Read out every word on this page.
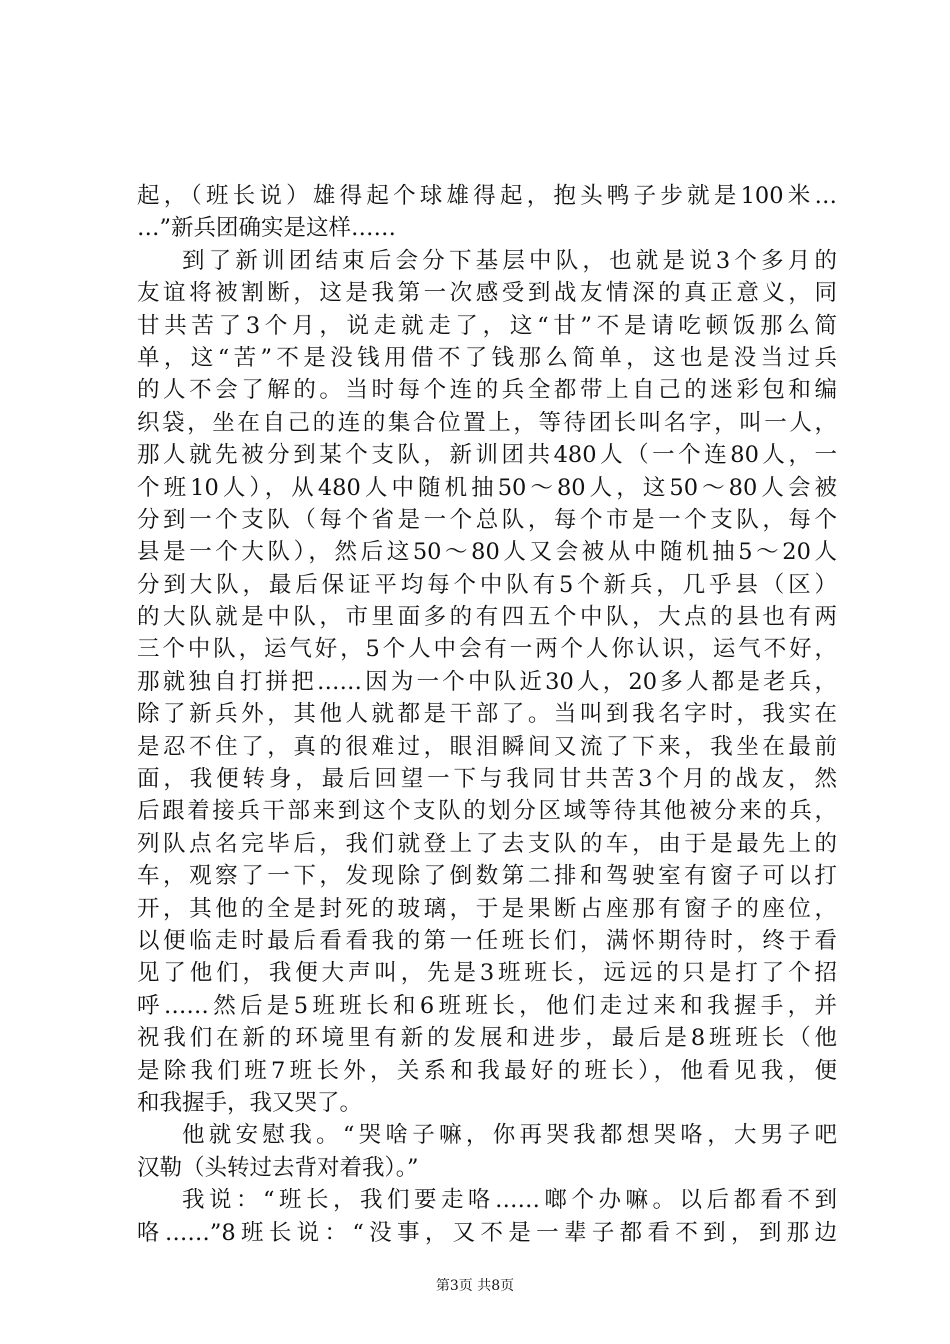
起，（班长说）雄得起个球雄得起，抱头鸭子步就是100米…
…”新兵团确实是这样……
到了新训团结束后会分下基层中队，也就是说3个多月的
友谊将被割断，这是我第一次感受到战友情深的真正意义，同
甘共苦了3个月，说走就走了，这“甘”不是请吃顿饭那么简
单，这“苦”不是没钱用借不了钱那么简单，这也是没当过兵
的人不会了解的。当时每个连的兵全都带上自己的迷彩包和编
织袋，坐在自己的连的集合位置上，等待团长叫名字，叫一人，
那人就先被分到某个支队，新训团共480人（一个连80人，一
个班10人），从480人中随机抽50～80人，这50～80人会被
分到一个支队（每个省是一个总队，每个市是一个支队，每个
县是一个大队），然后这50～80人又会被从中随机抽5～20人
分到大队，最后保证平均每个中队有5个新兵，几乎县（区）
的大队就是中队，市里面多的有四五个中队，大点的县也有两
三个中队，运气好，5个人中会有一两个人你认识，运气不好，
那就独自打拼把……因为一个中队近30人，20多人都是老兵，
除了新兵外，其他人就都是干部了。当叫到我名字时，我实在
是忍不住了，真的很难过，眼泪瞬间又流了下来，我坐在最前
面，我便转身，最后回望一下与我同甘共苦3个月的战友，然
后跟着接兵干部来到这个支队的划分区域等待其他被分来的兵，
列队点名完毕后，我们就登上了去支队的车，由于是最先上的
车，观察了一下，发现除了倒数第二排和驾驶室有窗子可以打
开，其他的全是封死的玻璃，于是果断占座那有窗子的座位，
以便临走时最后看看我的第一任班长们，满怀期待时，终于看
见了他们，我便大声叫，先是3班班长，远远的只是打了个招
呼……然后是5班班长和6班班长，他们走过来和我握手，并
祝我们在新的环境里有新的发展和进步，最后是8班班长（他
是除我们班7班长外，关系和我最好的班长），他看见我，便
和我握手，我又哭了。
他就安慰我。“哭啥子嘛，你再哭我都想哭咯，大男子吧
汉勒（头转过去背对着我）。”
我说：“班长，我们要走咯……啷个办嘛。以后都看不到
咯……”8班长说：“没事，又不是一辈子都看不到，到那边
第3页 共8页
